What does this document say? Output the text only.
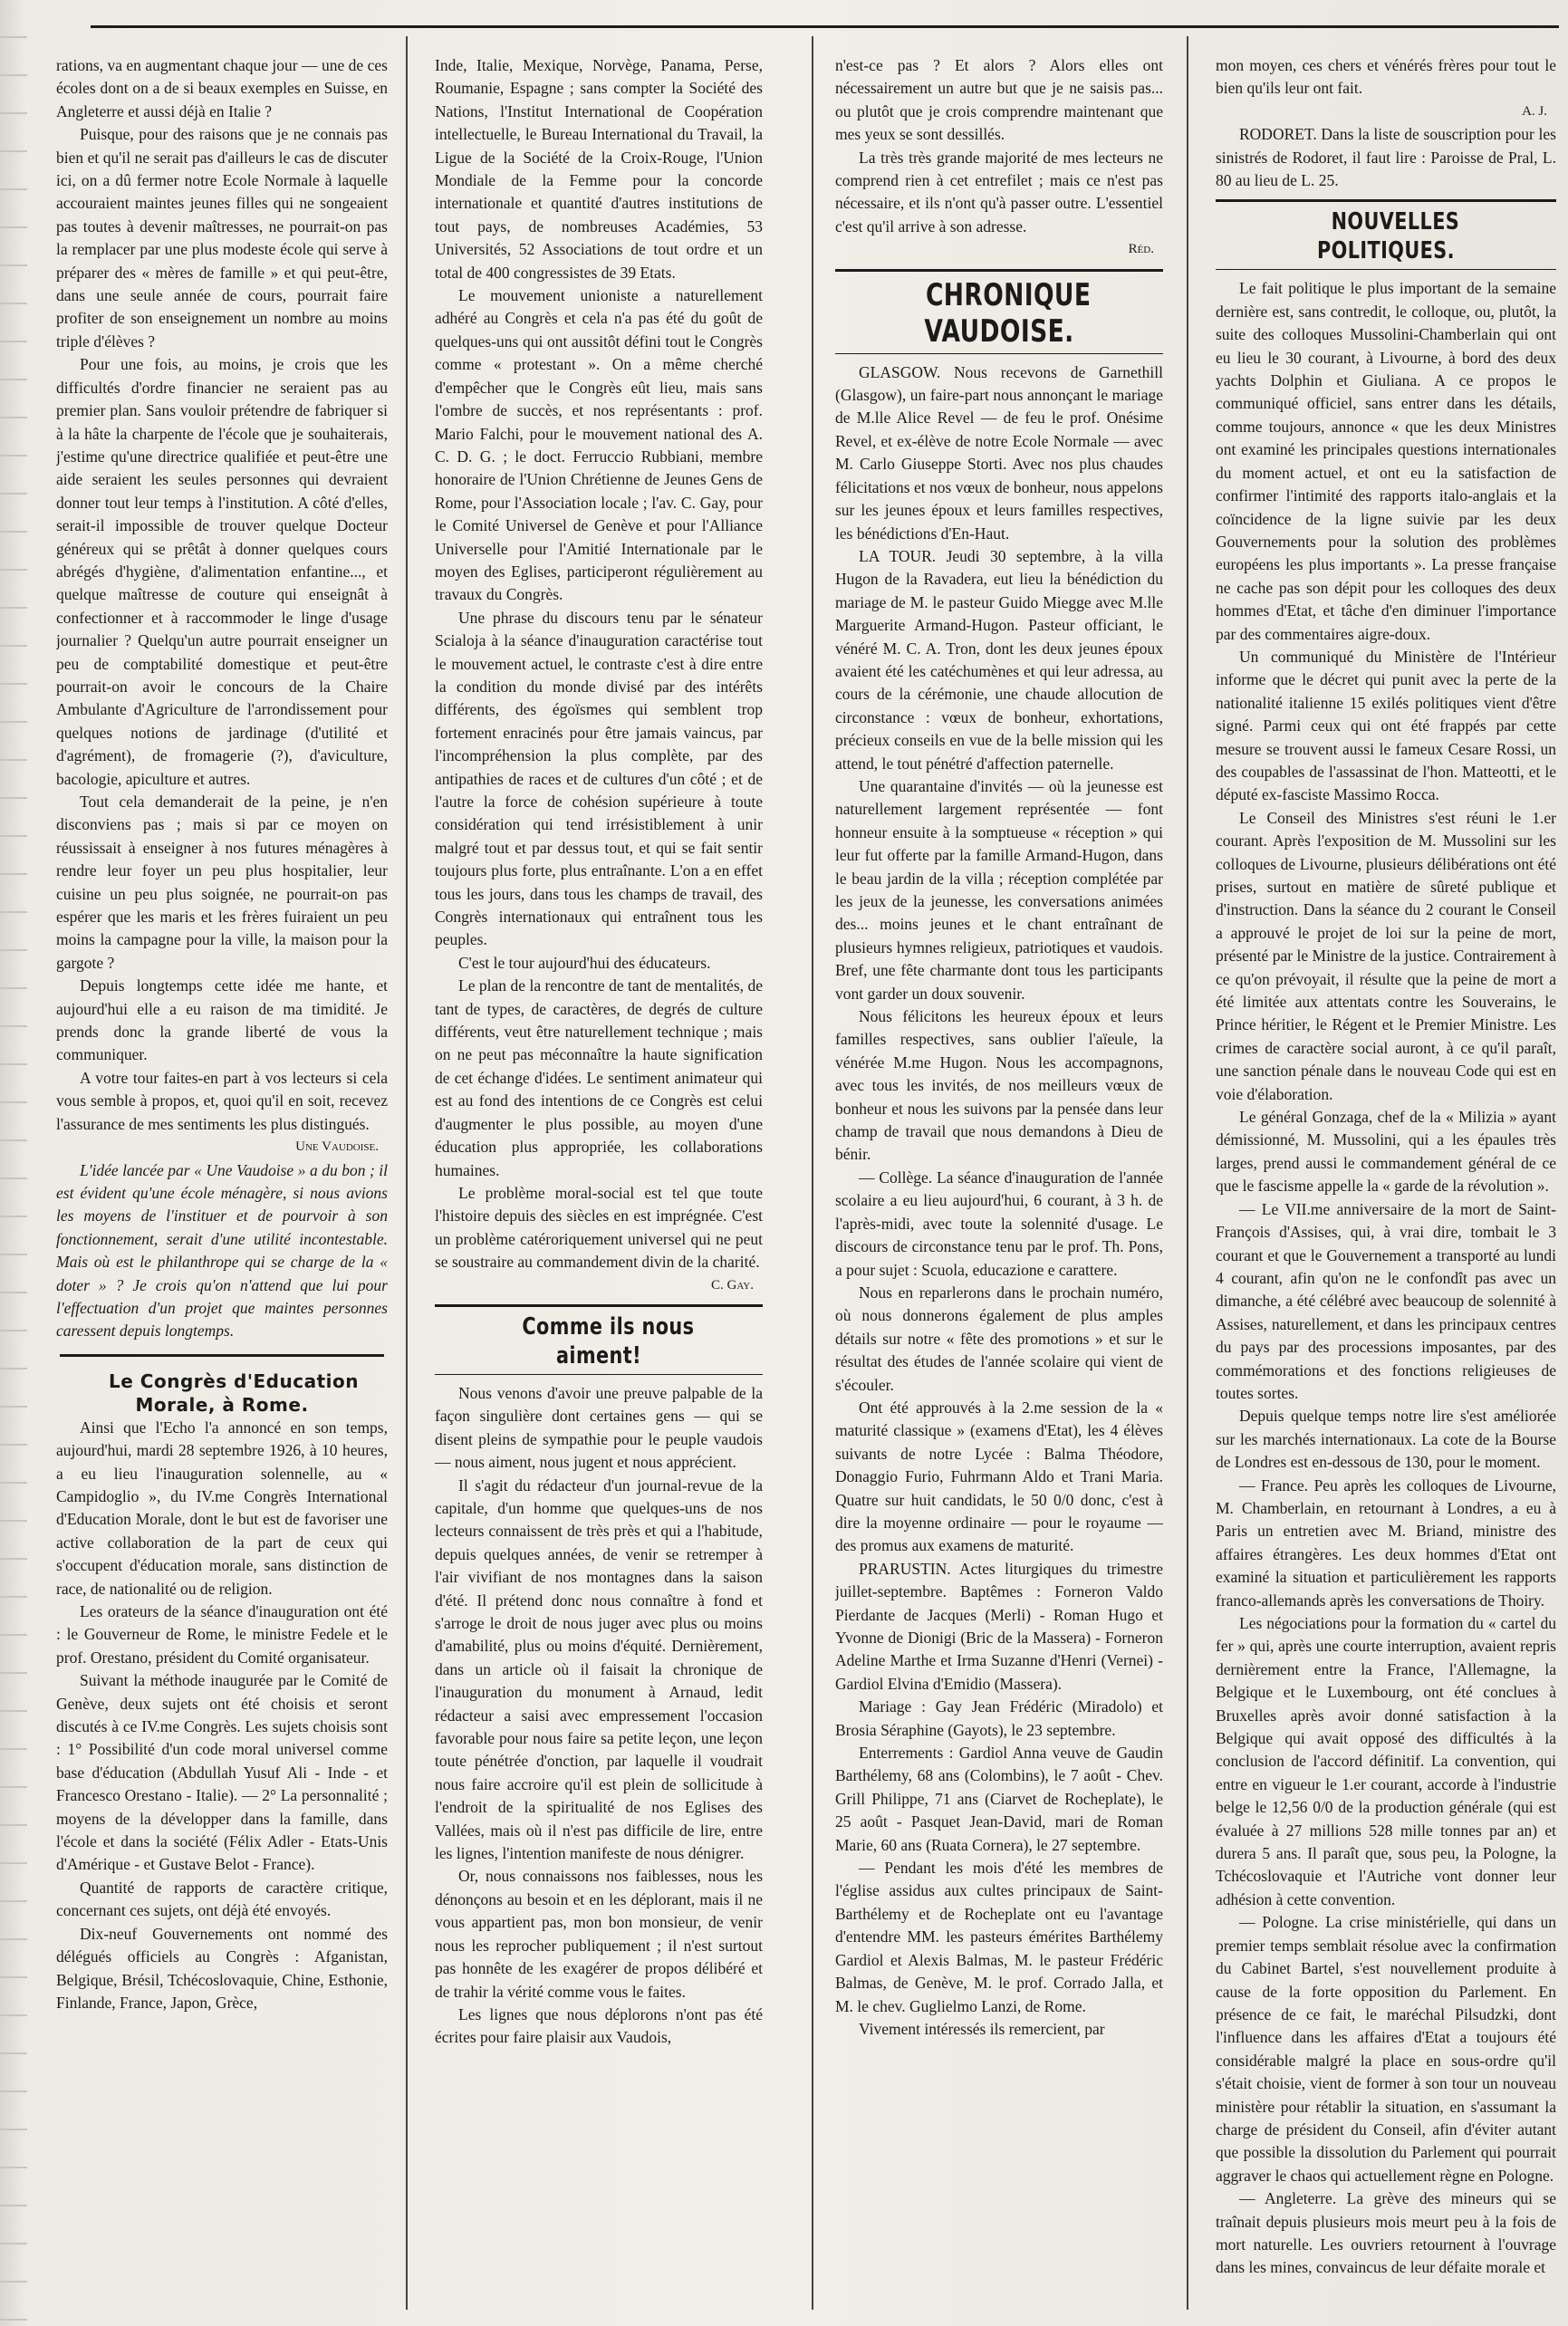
rations, va en augmentant chaque jour — une de ces écoles dont on a de si beaux exemples en Suisse, en Angleterre et aussi déjà en Italie ?

Puisque, pour des raisons que je ne connais pas bien et qu'il ne serait pas d'ailleurs le cas de discuter ici, on a dû fermer notre Ecole Normale à laquelle accouraient maintes jeunes filles qui ne songeaient pas toutes à devenir maîtresses, ne pourrait-on pas la remplacer par une plus modeste école qui serve à préparer des « mères de famille » et qui peut-être, dans une seule année de cours, pourrait faire profiter de son enseignement un nombre au moins triple d'élèves ?

Pour une fois, au moins, je crois que les difficultés d'ordre financier ne seraient pas au premier plan. Sans vouloir prétendre de fabriquer si à la hâte la charpente de l'école que je souhaiterais, j'estime qu'une directrice qualifiée et peut-être une aide seraient les seules personnes qui devraient donner tout leur temps à l'institution. A côté d'elles, serait-il impossible de trouver quelque Docteur généreux qui se prêtât à donner quelques cours abrégés d'hygiène, d'alimentation enfantine..., et quelque maîtresse de couture qui enseignât à confectionner et à raccommoder le linge d'usage journalier ? Quelqu'un autre pourrait enseigner un peu de comptabilité domestique et peut-être pourrait-on avoir le concours de la Chaire Ambulante d'Agriculture de l'arrondissement pour quelques notions de jardinage (d'utilité et d'agrément), de fromagerie (?), d'aviculture, bacologie, apiculture et autres.

Tout cela demanderait de la peine, je n'en disconviens pas ; mais si par ce moyen on réussissait à enseigner à nos futures ménagères à rendre leur foyer un peu plus hospitalier, leur cuisine un peu plus soignée, ne pourrait-on pas espérer que les maris et les frères fuiraient un peu moins la campagne pour la ville, la maison pour la gargote ?

Depuis longtemps cette idée me hante, et aujourd'hui elle a eu raison de ma timidité. Je prends donc la grande liberté de vous la communiquer.

A votre tour faites-en part à vos lecteurs si cela vous semble à propos, et, quoi qu'il en soit, recevez l'assurance de mes sentiments les plus distingués.

Une Vaudoise.

L'idée lancée par « Une Vaudoise » a du bon ; il est évident qu'une école ménagère, si nous avions les moyens de l'instituer et de pourvoir à son fonctionnement, serait d'une utilité incontestable. Mais où est le philanthrope qui se charge de la « doter » ? Je crois qu'on n'attend que lui pour l'effectuation d'un projet que maintes personnes caressent depuis longtemps.

Le Congrès d'Education Morale, à Rome.

Ainsi que l'Echo l'a annoncé en son temps, aujourd'hui, mardi 28 septembre 1926, à 10 heures, a eu lieu l'inauguration solennelle, au « Campidoglio », du IV.me Congrès International d'Education Morale, dont le but est de favoriser une active collaboration de la part de ceux qui s'occupent d'éducation morale, sans distinction de race, de nationalité ou de religion.

Les orateurs de la séance d'inauguration ont été : le Gouverneur de Rome, le ministre Fedele et le prof. Orestano, président du Comité organisateur.

Suivant la méthode inaugurée par le Comité de Genève, deux sujets ont été choisis et seront discutés à ce IV.me Congrès. Les sujets choisis sont : 1° Possibilité d'un code moral universel comme base d'éducation (Abdullah Yusuf Ali - Inde - et Francesco Orestano - Italie). — 2° La personnalité ; moyens de la développer dans la famille, dans l'école et dans la société (Félix Adler - Etats-Unis d'Amérique - et Gustave Belot - France).

Quantité de rapports de caractère critique, concernant ces sujets, ont déjà été envoyés.

Dix-neuf Gouvernements ont nommé des délégués officiels au Congrès : Afganistan, Belgique, Brésil, Tchécoslovaquie, Chine, Esthonie, Finlande, France, Japon, Grèce,

Inde, Italie, Mexique, Norvège, Panama, Perse, Roumanie, Espagne ; sans compter la Société des Nations, l'Institut International de Coopération intellectuelle, le Bureau International du Travail, la Ligue de la Société de la Croix-Rouge, l'Union Mondiale de la Femme pour la concorde internationale et quantité d'autres institutions de tout pays, de nombreuses Académies, 53 Universités, 52 Associations de tout ordre et un total de 400 congressistes de 39 Etats.

Le mouvement unioniste a naturellement adhéré au Congrès et cela n'a pas été du goût de quelques-uns qui ont aussitôt défini tout le Congrès comme « protestant ». On a même cherché d'empêcher que le Congrès eût lieu, mais sans l'ombre de succès, et nos représentants : prof. Mario Falchi, pour le mouvement national des A. C. D. G. ; le doct. Ferruccio Rubbiani, membre honoraire de l'Union Chrétienne de Jeunes Gens de Rome, pour l'Association locale ; l'av. C. Gay, pour le Comité Universel de Genève et pour l'Alliance Universelle pour l'Amitié Internationale par le moyen des Eglises, participeront régulièrement au travaux du Congrès.

Une phrase du discours tenu par le sénateur Scialoja à la séance d'inauguration caractérise tout le mouvement actuel, le contraste c'est à dire entre la condition du monde divisé par des intérêts différents, des égoïsmes qui semblent trop fortement enracinés pour être jamais vaincus, par l'incompréhension la plus complète, par des antipathies de races et de cultures d'un côté ; et de l'autre la force de cohésion supérieure à toute considération qui tend irrésistiblement à unir malgré tout et par dessus tout, et qui se fait sentir toujours plus forte, plus entraînante. L'on a en effet tous les jours, dans tous les champs de travail, des Congrès internationaux qui entraînent tous les peuples.

C'est le tour aujourd'hui des éducateurs.

Le plan de la rencontre de tant de mentalités, de tant de types, de caractères, de degrés de culture différents, veut être naturellement technique ; mais on ne peut pas méconnaître la haute signification de cet échange d'idées. Le sentiment animateur qui est au fond des intentions de ce Congrès est celui d'augmenter le plus possible, au moyen d'une éducation plus appropriée, les collaborations humaines.

Le problème moral-social est tel que toute l'histoire depuis des siècles en est imprégnée. C'est un problème catéroriquement universel qui ne peut se soustraire au commandement divin de la charité.

C. Gay.

Comme ils nous aiment!

Nous venons d'avoir une preuve palpable de la façon singulière dont certaines gens — qui se disent pleins de sympathie pour le peuple vaudois — nous aiment, nous jugent et nous apprécient.

Il s'agit du rédacteur d'un journal-revue de la capitale, d'un homme que quelques-uns de nos lecteurs connaissent de très près et qui a l'habitude, depuis quelques années, de venir se retremper à l'air vivifiant de nos montagnes dans la saison d'été. Il prétend donc nous connaître à fond et s'arroge le droit de nous juger avec plus ou moins d'amabilité, plus ou moins d'équité. Dernièrement, dans un article où il faisait la chronique de l'inauguration du monument à Arnaud, ledit rédacteur a saisi avec empressement l'occasion favorable pour nous faire sa petite leçon, une leçon toute pénétrée d'onction, par laquelle il voudrait nous faire accroire qu'il est plein de sollicitude à l'endroit de la spiritualité de nos Eglises des Vallées, mais où il n'est pas difficile de lire, entre les lignes, l'intention manifeste de nous dénigrer.

Or, nous connaissons nos faiblesses, nous les dénonçons au besoin et en les déplorant, mais il ne vous appartient pas, mon bon monsieur, de venir nous les reprocher publiquement ; il n'est surtout pas honnête de les exagérer de propos délibéré et de trahir la vérité comme vous le faites.

Les lignes que nous déplorons n'ont pas été écrites pour faire plaisir aux Vaudois,

n'est-ce pas ? Et alors ? Alors elles ont nécessairement un autre but que je ne saisis pas... ou plutôt que je crois comprendre maintenant que mes yeux se sont dessillés.

La très très grande majorité de mes lecteurs ne comprend rien à cet entrefilet ; mais ce n'est pas nécessaire, et ils n'ont qu'à passer outre. L'essentiel c'est qu'il arrive à son adresse.

Réd.

CHRONIQUE VAUDOISE.

GLASGOW. Nous recevons de Garnethill (Glasgow), un faire-part nous annonçant le mariage de M.lle Alice Revel — de feu le prof. Onésime Revel, et ex-élève de notre Ecole Normale — avec M. Carlo Giuseppe Storti. Avec nos plus chaudes félicitations et nos vœux de bonheur, nous appelons sur les jeunes époux et leurs familles respectives, les bénédictions d'En-Haut.

LA TOUR. Jeudi 30 septembre, à la villa Hugon de la Ravadera, eut lieu la bénédiction du mariage de M. le pasteur Guido Miegge avec M.lle Marguerite Armand-Hugon. Pasteur officiant, le vénéré M. C. A. Tron, dont les deux jeunes époux avaient été les catéchumènes et qui leur adressa, au cours de la cérémonie, une chaude allocution de circonstance : vœux de bonheur, exhortations, précieux conseils en vue de la belle mission qui les attend, le tout pénétré d'affection paternelle.

Une quarantaine d'invités — où la jeunesse est naturellement largement représentée — font honneur ensuite à la somptueuse « réception » qui leur fut offerte par la famille Armand-Hugon, dans le beau jardin de la villa ; réception complétée par les jeux de la jeunesse, les conversations animées des... moins jeunes et le chant entraînant de plusieurs hymnes religieux, patriotiques et vaudois. Bref, une fête charmante dont tous les participants vont garder un doux souvenir.

Nous félicitons les heureux époux et leurs familles respectives, sans oublier l'aïeule, la vénérée M.me Hugon. Nous les accompagnons, avec tous les invités, de nos meilleurs vœux de bonheur et nous les suivons par la pensée dans leur champ de travail que nous demandons à Dieu de bénir.

— Collège. La séance d'inauguration de l'année scolaire a eu lieu aujourd'hui, 6 courant, à 3 h. de l'après-midi, avec toute la solennité d'usage. Le discours de circonstance tenu par le prof. Th. Pons, a pour sujet : Scuola, educazione e carattere.

Nous en reparlerons dans le prochain numéro, où nous donnerons également de plus amples détails sur notre « fête des promotions » et sur le résultat des études de l'année scolaire qui vient de s'écouler.

Ont été approuvés à la 2.me session de la « maturité classique » (examens d'Etat), les 4 élèves suivants de notre Lycée : Balma Théodore, Donaggio Furio, Fuhrmann Aldo et Trani Maria. Quatre sur huit candidats, le 50 0/0 donc, c'est à dire la moyenne ordinaire — pour le royaume — des promus aux examens de maturité.

PRARUSTIN. Actes liturgiques du trimestre juillet-septembre. Baptêmes : Forneron Valdo Pierdante de Jacques (Merli) - Roman Hugo et Yvonne de Dionigi (Bric de la Massera) - Forneron Adeline Marthe et Irma Suzanne d'Henri (Vernei) - Gardiol Elvina d'Emidio (Massera).

Mariage : Gay Jean Frédéric (Miradolo) et Brosia Séraphine (Gayots), le 23 septembre.

Enterrements : Gardiol Anna veuve de Gaudin Barthélemy, 68 ans (Colombins), le 7 août - Chev. Grill Philippe, 71 ans (Ciarvet de Rocheplate), le 25 août - Pasquet Jean-David, mari de Roman Marie, 60 ans (Ruata Cornera), le 27 septembre.

— Pendant les mois d'été les membres de l'église assidus aux cultes principaux de Saint-Barthélemy et de Rocheplate ont eu l'avantage d'entendre MM. les pasteurs émérites Barthélemy Gardiol et Alexis Balmas, M. le pasteur Frédéric Balmas, de Genève, M. le prof. Corrado Jalla, et M. le chev. Guglielmo Lanzi, de Rome.

Vivement intéressés ils remercient, par

mon moyen, ces chers et vénérés frères pour tout le bien qu'ils leur ont fait.

A. J.

RODORET. Dans la liste de souscription pour les sinistrés de Rodoret, il faut lire : Paroisse de Pral, L. 80 au lieu de L. 25.

NOUVELLES POLITIQUES.

Le fait politique le plus important de la semaine dernière est, sans contredit, le colloque, ou, plutôt, la suite des colloques Mussolini-Chamberlain qui ont eu lieu le 30 courant, à Livourne, à bord des deux yachts Dolphin et Giuliana. A ce propos le communiqué officiel, sans entrer dans les détails, comme toujours, annonce « que les deux Ministres ont examiné les principales questions internationales du moment actuel, et ont eu la satisfaction de confirmer l'intimité des rapports italo-anglais et la coïncidence de la ligne suivie par les deux Gouvernements pour la solution des problèmes européens les plus importants ». La presse française ne cache pas son dépit pour les colloques des deux hommes d'Etat, et tâche d'en diminuer l'importance par des commentaires aigre-doux.

Un communiqué du Ministère de l'Intérieur informe que le décret qui punit avec la perte de la nationalité italienne 15 exilés politiques vient d'être signé. Parmi ceux qui ont été frappés par cette mesure se trouvent aussi le fameux Cesare Rossi, un des coupables de l'assassinat de l'hon. Matteotti, et le député ex-fasciste Massimo Rocca.

Le Conseil des Ministres s'est réuni le 1.er courant. Après l'exposition de M. Mussolini sur les colloques de Livourne, plusieurs délibérations ont été prises, surtout en matière de sûreté publique et d'instruction. Dans la séance du 2 courant le Conseil a approuvé le projet de loi sur la peine de mort, présenté par le Ministre de la justice. Contrairement à ce qu'on prévoyait, il résulte que la peine de mort a été limitée aux attentats contre les Souverains, le Prince héritier, le Régent et le Premier Ministre. Les crimes de caractère social auront, à ce qu'il paraît, une sanction pénale dans le nouveau Code qui est en voie d'élaboration.

Le général Gonzaga, chef de la « Milizia » ayant démissionné, M. Mussolini, qui a les épaules très larges, prend aussi le commandement général de ce que le fascisme appelle la « garde de la révolution ».

— Le VII.me anniversaire de la mort de Saint-François d'Assises, qui, à vrai dire, tombait le 3 courant et que le Gouvernement a transporté au lundi 4 courant, afin qu'on ne le confondît pas avec un dimanche, a été célébré avec beaucoup de solennité à Assises, naturellement, et dans les principaux centres du pays par des processions imposantes, par des commémorations et des fonctions religieuses de toutes sortes.

Depuis quelque temps notre lire s'est améliorée sur les marchés internationaux. La cote de la Bourse de Londres est en-dessous de 130, pour le moment.

— France. Peu après les colloques de Livourne, M. Chamberlain, en retournant à Londres, a eu à Paris un entretien avec M. Briand, ministre des affaires étrangères. Les deux hommes d'Etat ont examiné la situation et particulièrement les rapports franco-allemands après les conversations de Thoiry.

Les négociations pour la formation du « cartel du fer » qui, après une courte interruption, avaient repris dernièrement entre la France, l'Allemagne, la Belgique et le Luxembourg, ont été conclues à Bruxelles après avoir donné satisfaction à la Belgique qui avait opposé des difficultés à la conclusion de l'accord définitif. La convention, qui entre en vigueur le 1.er courant, accorde à l'industrie belge le 12,56 0/0 de la production générale (qui est évaluée à 27 millions 528 mille tonnes par an) et durera 5 ans. Il paraît que, sous peu, la Pologne, la Tchécoslovaquie et l'Autriche vont donner leur adhésion à cette convention.

— Pologne. La crise ministérielle, qui dans un premier temps semblait résolue avec la confirmation du Cabinet Bartel, s'est nouvellement produite à cause de la forte opposition du Parlement. En présence de ce fait, le maréchal Pilsudzki, dont l'influence dans les affaires d'Etat a toujours été considérable malgré la place en sous-ordre qu'il s'était choisie, vient de former à son tour un nouveau ministère pour rétablir la situation, en s'assumant la charge de président du Conseil, afin d'éviter autant que possible la dissolution du Parlement qui pourrait aggraver le chaos qui actuellement règne en Pologne.

— Angleterre. La grève des mineurs qui se traînait depuis plusieurs mois meurt peu à la fois de mort naturelle. Les ouvriers retournent à l'ouvrage dans les mines, convaincus de leur défaite morale et
